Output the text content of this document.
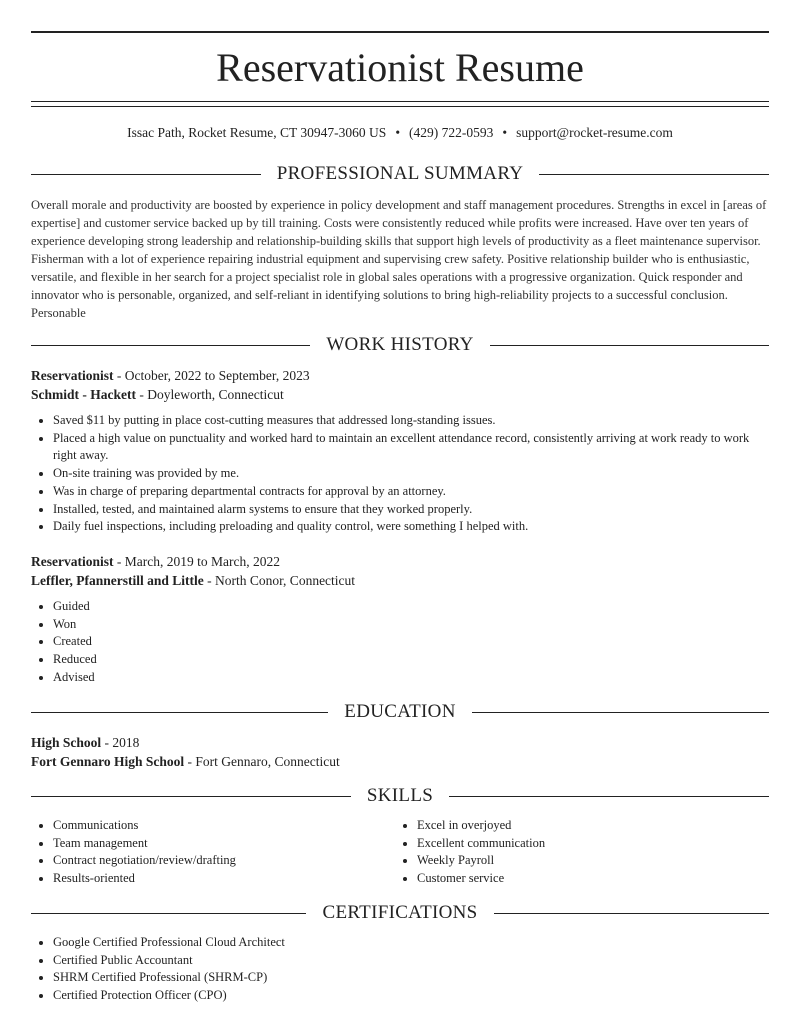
Reservationist Resume
Issac Path, Rocket Resume, CT 30947-3060 US • (429) 722-0593 • support@rocket-resume.com
PROFESSIONAL SUMMARY

Overall morale and productivity are boosted by experience in policy development and staff management procedures. Strengths in excel in [areas of expertise] and customer service backed up by till training. Costs were consistently reduced while profits were increased. Have over ten years of experience developing strong leadership and relationship-building skills that support high levels of productivity as a fleet maintenance supervisor. Fisherman with a lot of experience repairing industrial equipment and supervising crew safety. Positive relationship builder who is enthusiastic, versatile, and flexible in her search for a project specialist role in global sales operations with a progressive organization. Quick responder and innovator who is personable, organized, and self-reliant in identifying solutions to bring high-reliability projects to a successful conclusion. Personable

WORK HISTORY
Reservationist - October, 2022 to September, 2023
Schmidt - Hackett - Doyleworth, Connecticut
• Saved $11 by putting in place cost-cutting measures that addressed long-standing issues.
• Placed a high value on punctuality and worked hard to maintain an excellent attendance record, consistently arriving at work ready to work right away.
• On-site training was provided by me.
• Was in charge of preparing departmental contracts for approval by an attorney.
• Installed, tested, and maintained alarm systems to ensure that they worked properly.
• Daily fuel inspections, including preloading and quality control, were something I helped with.
Reservationist - March, 2019 to March, 2022
Leffler, Pfannerstill and Little - North Conor, Connecticut
• Guided
• Won
• Created
• Reduced
• Advised
EDUCATION
High School - 2018
Fort Gennaro High School - Fort Gennaro, Connecticut
SKILLS
• Communications
• Team management
• Contract negotiation/review/drafting
• Results-oriented
• Excel in overjoyed
• Excellent communication
• Weekly Payroll
• Customer service
CERTIFICATIONS
• Google Certified Professional Cloud Architect
• Certified Public Accountant
• SHRM Certified Professional (SHRM-CP)
• Certified Protection Officer (CPO)
